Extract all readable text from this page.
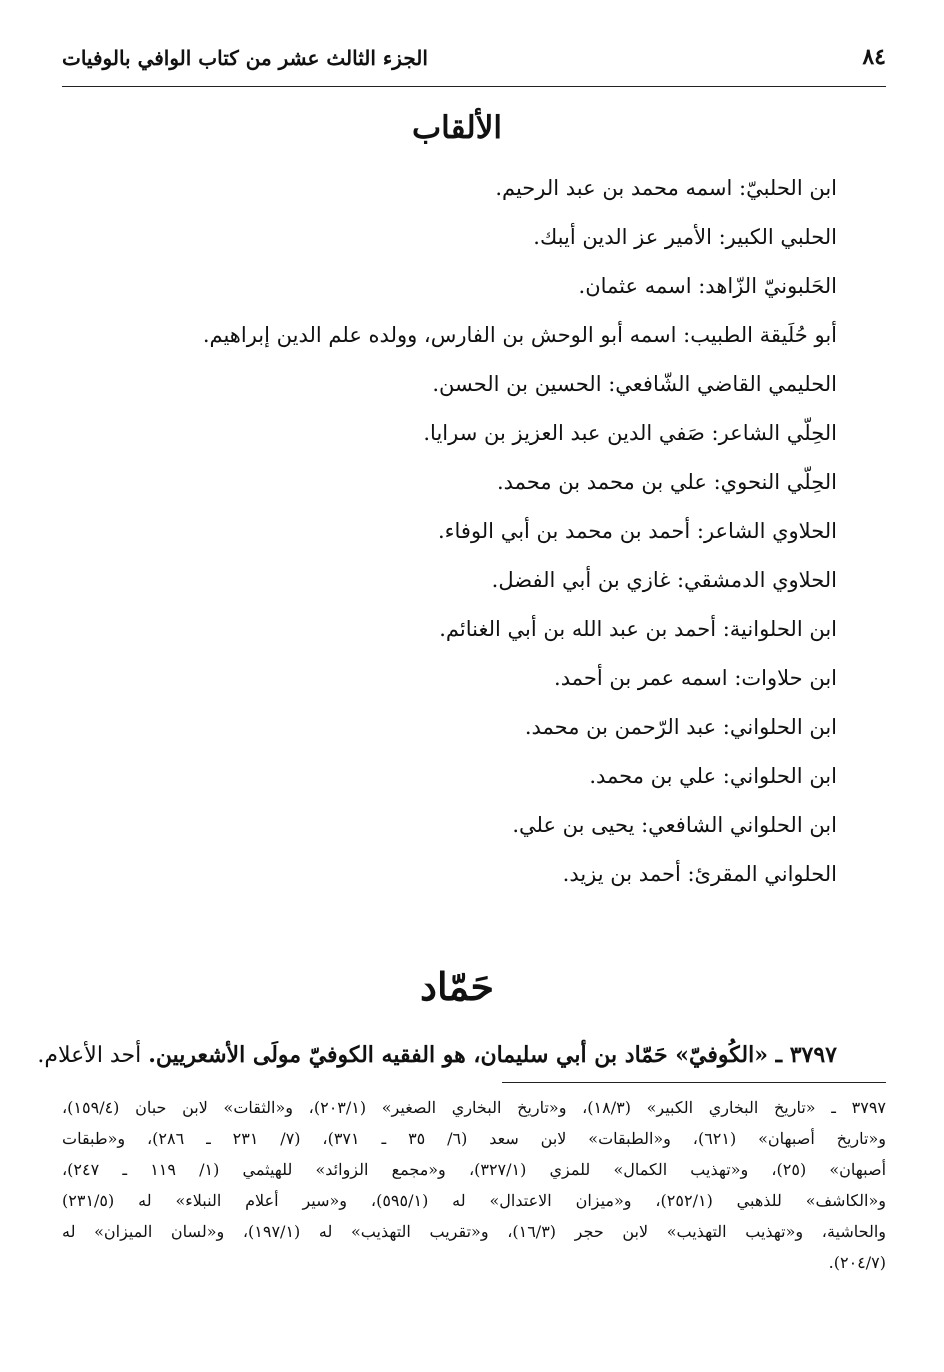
٨٤
الجزء الثالث عشر من كتاب الوافي بالوفيات
الألقاب
ابن الحلبيّ: اسمه محمد بن عبد الرحيم.
الحلبي الكبير: الأمير عز الدين أيبك.
الحَلبونيّ الزّاهد: اسمه عثمان.
أبو حُلَيقة الطبيب: اسمه أبو الوحش بن الفارس، وولده علم الدين إبراهيم.
الحليمي القاضي الشّافعي: الحسين بن الحسن.
الحِلّي الشاعر: صَفي الدين عبد العزيز بن سرايا.
الحِلّي النحوي: علي بن محمد بن محمد.
الحلاوي الشاعر: أحمد بن محمد بن أبي الوفاء.
الحلاوي الدمشقي: غازي بن أبي الفضل.
ابن الحلوانية: أحمد بن عبد الله بن أبي الغنائم.
ابن حلاوات: اسمه عمر بن أحمد.
ابن الحلواني: عبد الرّحمن بن محمد.
ابن الحلواني: علي بن محمد.
ابن الحلواني الشافعي: يحيى بن علي.
الحلواني المقرئ: أحمد بن يزيد.
حَمّاد
٣٧٩٧ ـ «الكُوفيّ» حَمّاد بن أبي سليمان، هو الفقيه الكوفيّ مولَى الأشعريين. أحد الأعلام.
٣٧٩٧ ـ «تاريخ البخاري الكبير» (١٨/٣)، و«تاريخ البخاري الصغير» (٢٠٣/١)، و«الثقات» لابن حبان (١٥٩/٤)،
و«تاريخ أصبهان» (٦٢١)، و«الطبقات» لابن سعد (٦/ ٣٥ ـ ٣٧١)، (٧/ ٢٣١ ـ ٢٨٦)، و«طبقات
أصبهان» (٢٥)، و«تهذيب الكمال» للمزي (٣٢٧/١)، و«مجمع الزوائد» للهيثمي (١/ ١١٩ ـ ٢٤٧)،
و«الكاشف» للذهبي (٢٥٢/١)، و«ميزان الاعتدال» له (٥٩٥/١)، و«سير أعلام النبلاء» له (٢٣١/٥)
والحاشية، و«تهذيب التهذيب» لابن حجر (١٦/٣)، و«تقريب التهذيب» له (١٩٧/١)، و«لسان الميزان» له
(٢٠٤/٧).
